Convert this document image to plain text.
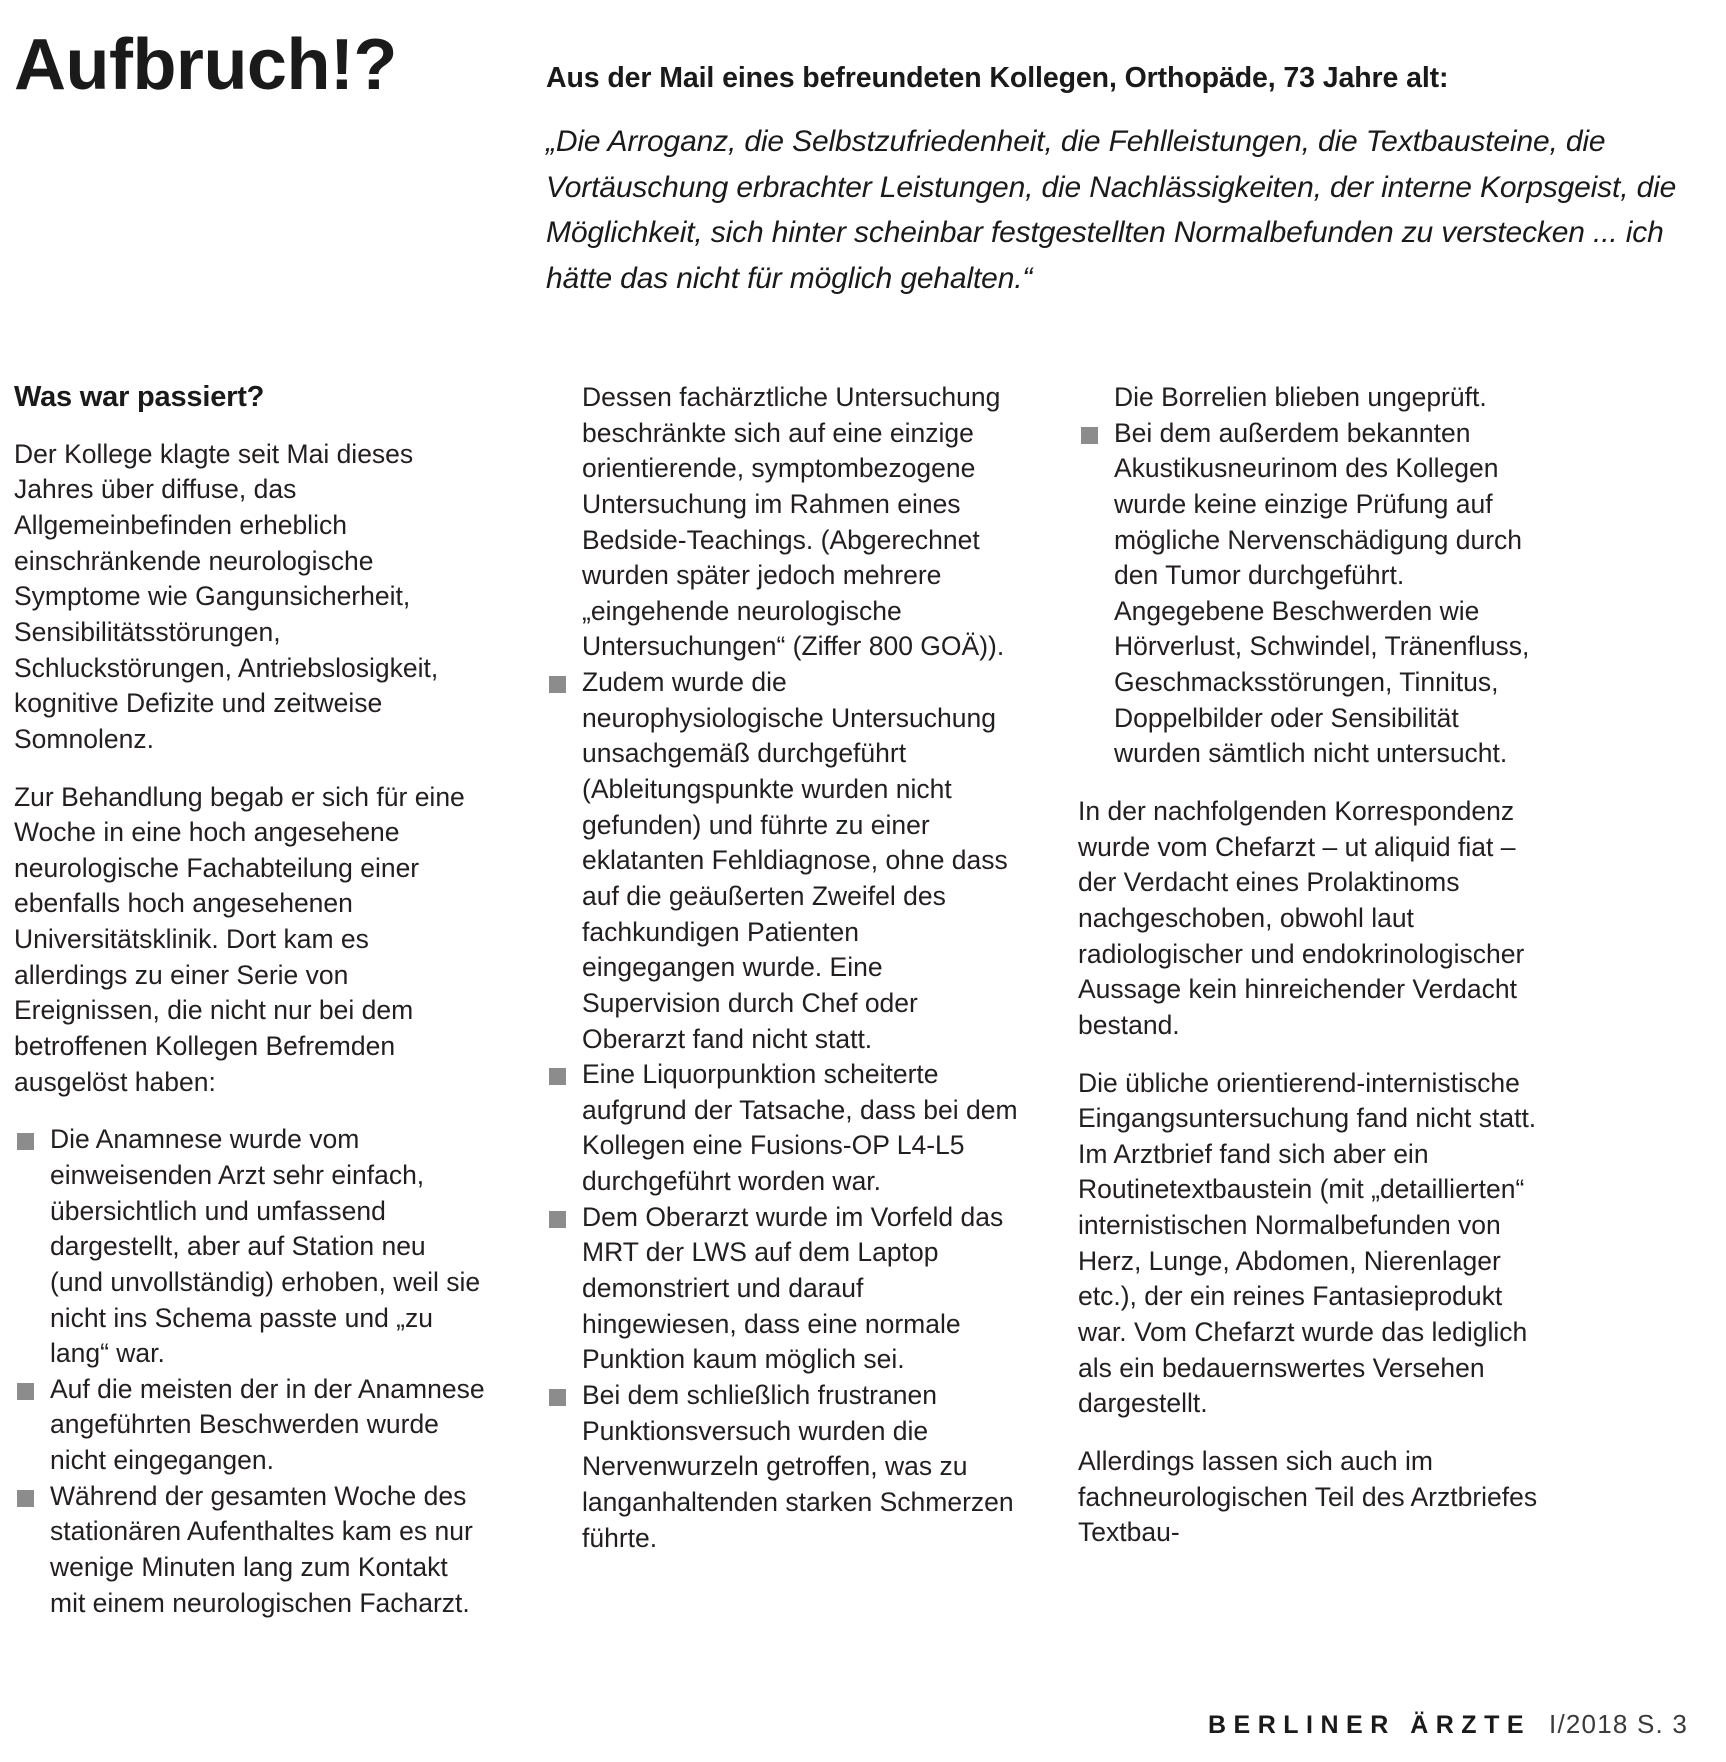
Aufbruch!?	Aus der Mail eines befreundeten Kollegen, Orthopäde, 73 Jahre alt:
„Die Arroganz, die Selbstzufriedenheit, die Fehlleistungen, die Textbausteine, die Vortäuschung erbrachter Leistungen, die Nachlässigkeiten, der interne Korpsgeist, die Möglichkeit, sich hinter scheinbar festgestellten Normalbefunden zu verstecken ... ich hätte das nicht für möglich gehalten.“
Was war passiert?

Der Kollege klagte seit Mai dieses Jahres über diffuse, das Allgemeinbefinden erheblich einschränkende neurologische Symptome wie Gangunsicherheit, Sensibilitätsstörungen, Schluckstörungen, Antriebslosigkeit, kognitive Defizite und zeitweise Somnolenz.

Zur Behandlung begab er sich für eine Woche in eine hoch angesehene neurologische Fachabteilung einer ebenfalls hoch angesehenen Universitätsklinik. Dort kam es allerdings zu einer Serie von Ereignissen, die nicht nur bei dem betroffenen Kollegen Befremden ausgelöst haben:

Die Anamnese wurde vom einweisenden Arzt sehr einfach, übersichtlich und umfassend dargestellt, aber auf Station neu (und unvollständig) erhoben, weil sie nicht ins Schema passte und „zu lang“ war.
Auf die meisten der in der Anamnese angeführten Beschwerden wurde nicht eingegangen.
Während der gesamten Woche des stationären Aufenthaltes kam es nur wenige Minuten lang zum Kontakt mit einem neurologischen Facharzt.

Dessen fachärztliche Untersuchung beschränkte sich auf eine einzige orientierende, symptombezogene Untersuchung im Rahmen eines Bedside-Teachings. (Abgerechnet wurden später jedoch mehrere „eingehende neurologische Untersuchungen“ (Ziffer 800 GOÄ)).

Zudem wurde die neurophysiologische Untersuchung unsachgemäß durchgeführt (Ableitungspunkte wurden nicht gefunden) und führte zu einer eklatanten Fehldiagnose, ohne dass auf die geäußerten Zweifel des fachkundigen Patienten eingegangen wurde. Eine Supervision durch Chef oder Oberarzt fand nicht statt.
Eine Liquorpunktion scheiterte aufgrund der Tatsache, dass bei dem Kollegen eine Fusions-OP L4-L5 durchgeführt worden war.
Dem Oberarzt wurde im Vorfeld das MRT der LWS auf dem Laptop demonstriert und darauf hingewiesen, dass eine normale Punktion kaum möglich sei.
Bei dem schließlich frustranen Punktionsversuch wurden die Nervenwurzeln getroffen, was zu langanhaltenden starken Schmerzen führte.

Die Borrelien blieben ungeprüft.

Bei dem außerdem bekannten Akustikusneurinom des Kollegen wurde keine einzige Prüfung auf mögliche Nervenschädigung durch den Tumor durchgeführt. Angegebene Beschwerden wie Hörverlust, Schwindel, Tränenfluss, Geschmacksstörungen, Tinnitus, Doppelbilder oder Sensibilität wurden sämtlich nicht untersucht.

In der nachfolgenden Korrespondenz wurde vom Chefarzt – ut aliquid fiat – der Verdacht eines Prolaktinoms nachgeschoben, obwohl laut radiologischer und endokrinologischer Aussage kein hinreichender Verdacht bestand.

Die übliche orientierend-internistische Eingangsuntersuchung fand nicht statt. Im Arztbrief fand sich aber ein Routinetextbaustein (mit „detaillierten“ internistischen Normalbefunden von Herz, Lunge, Abdomen, Nierenlager etc.), der ein reines Fantasieprodukt war. Vom Chefarzt wurde das lediglich als ein bedauernswertes Versehen dargestellt.

Allerdings lassen sich auch im fachneurologischen Teil des Arztbriefes Textbau-

BERLINER ÄRZTE I/2018 S. 3
